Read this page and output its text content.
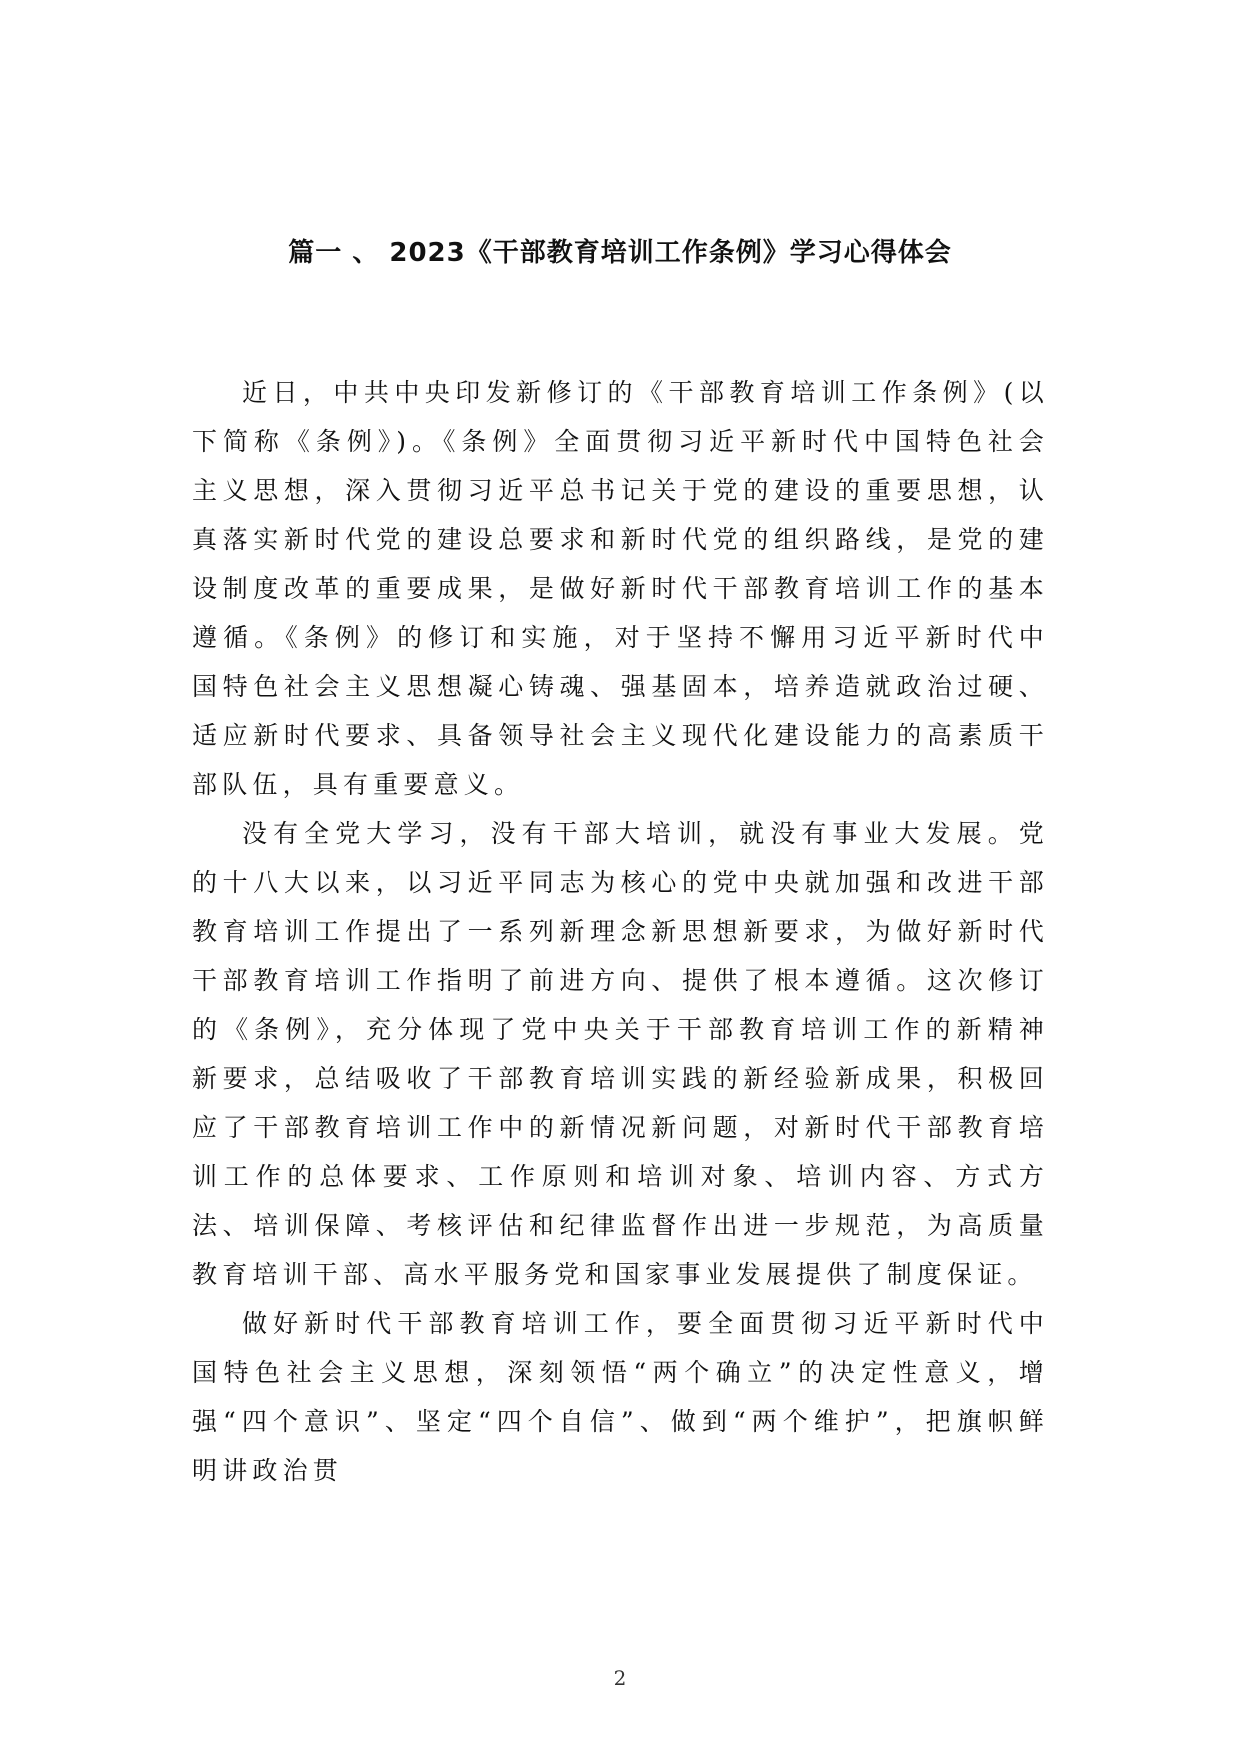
篇一 、 2023《干部教育培训工作条例》学习心得体会

近日，中共中央印发新修订的《干部教育培训工作条例》(以下简称《条例》)。《条例》全面贯彻习近平新时代中国特色社会主义思想，深入贯彻习近平总书记关于党的建设的重要思想，认真落实新时代党的建设总要求和新时代党的组织路线，是党的建设制度改革的重要成果，是做好新时代干部教育培训工作的基本遵循。《条例》的修订和实施，对于坚持不懈用习近平新时代中国特色社会主义思想凝心铸魂、强基固本，培养造就政治过硬、适应新时代要求、具备领导社会主义现代化建设能力的高素质干部队伍，具有重要意义。

没有全党大学习，没有干部大培训，就没有事业大发展。党的十八大以来，以习近平同志为核心的党中央就加强和改进干部教育培训工作提出了一系列新理念新思想新要求，为做好新时代干部教育培训工作指明了前进方向、提供了根本遵循。这次修订的《条例》，充分体现了党中央关于干部教育培训工作的新精神新要求，总结吸收了干部教育培训实践的新经验新成果，积极回应了干部教育培训工作中的新情况新问题，对新时代干部教育培训工作的总体要求、工作原则和培训对象、培训内容、方式方法、培训保障、考核评估和纪律监督作出进一步规范，为高质量教育培训干部、高水平服务党和国家事业发展提供了制度保证。

做好新时代干部教育培训工作，要全面贯彻习近平新时代中国特色社会主义思想，深刻领悟“两个确立”的决定性意义，增强“四个意识”、坚定“四个自信”、做到“两个维护”，把旗帜鲜明讲政治贯

2
